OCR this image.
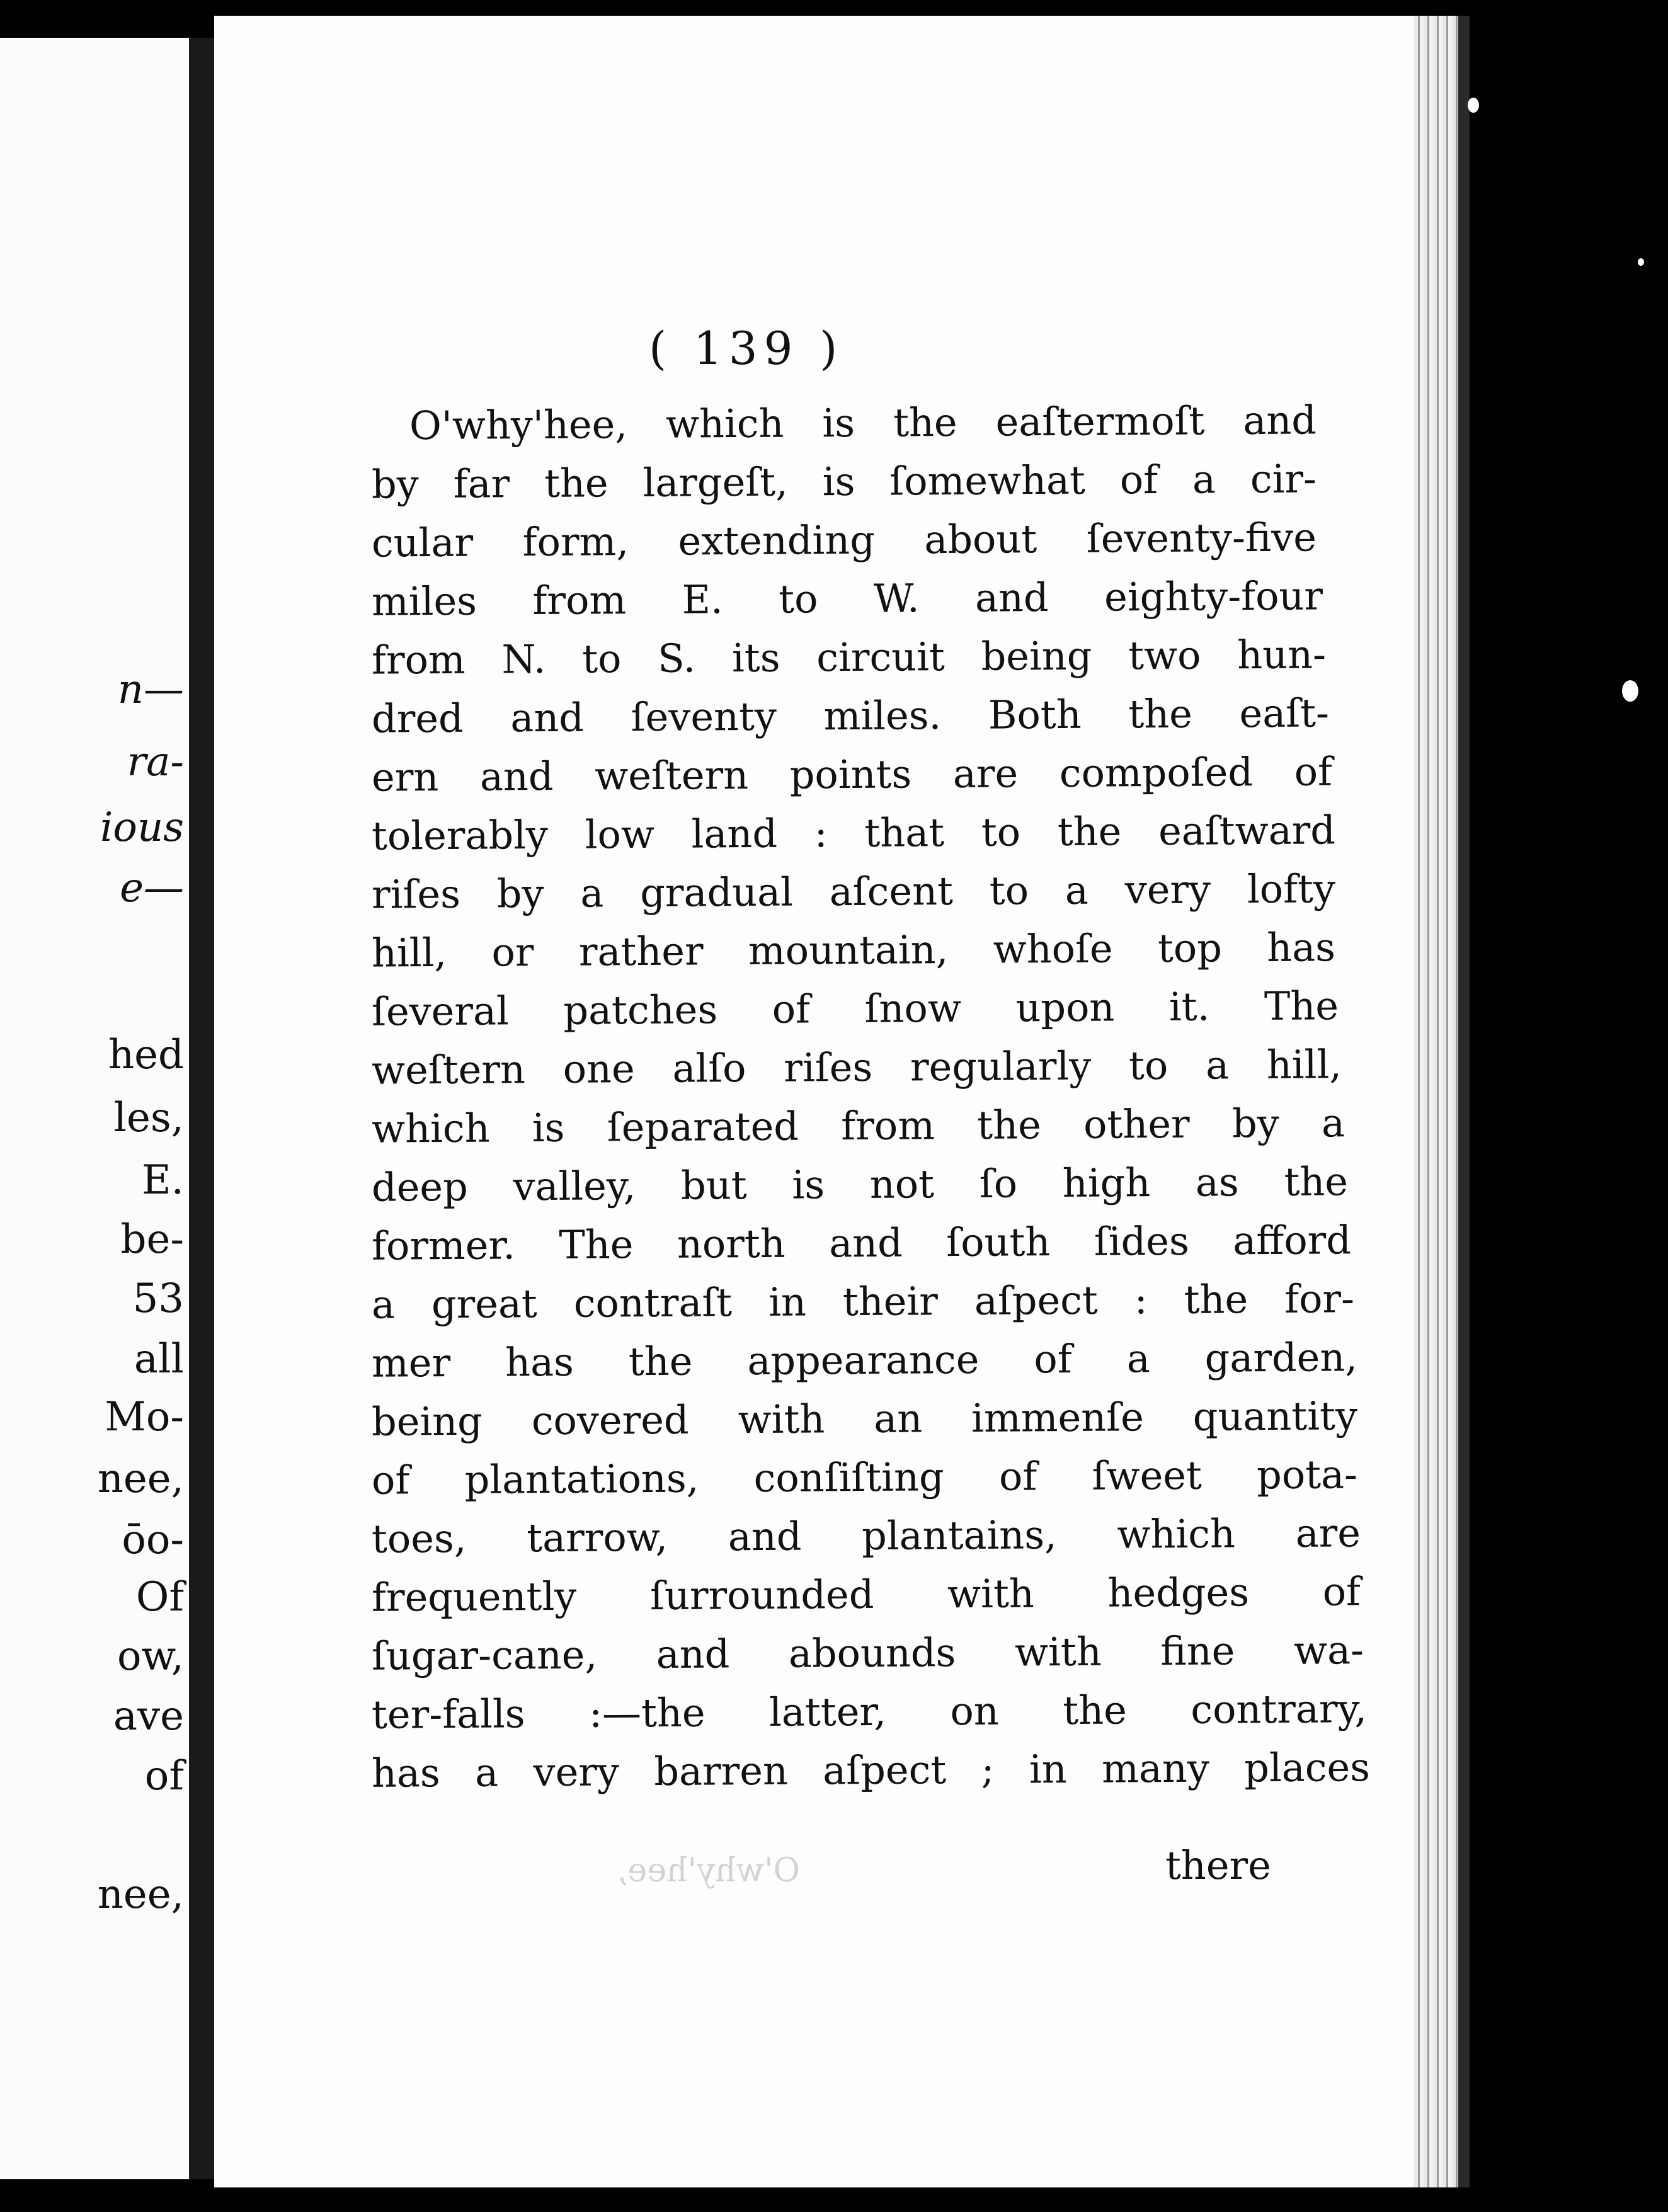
n—
ra-
ious
e—
hed
les,
E.
be-
53
all
Mo-
nee,
ōo-
Of
ow,
ave
of
nee,
( 139 )
O'why'hee, which is the eaſtermoſt and
by far the largeſt, is ſomewhat of a cir-
cular form, extending about ſeventy-five
miles from E. to W. and eighty-four
from N. to S. its circuit being two hun-
dred and ſeventy miles. Both the eaſt-
ern and weſtern points are compoſed of
tolerably low land : that to the eaſtward
riſes by a gradual aſcent to a very lofty
hill, or rather mountain, whoſe top has
ſeveral patches of ſnow upon it. The
weſtern one alſo riſes regularly to a hill,
which is ſeparated from the other by a
deep valley, but is not ſo high as the
former. The north and ſouth ſides afford
a great contraſt in their aſpect : the for-
mer has the appearance of a garden,
being covered with an immenſe quantity
of plantations, conſiſting of ſweet pota-
toes, tarrow, and plantains, which are
frequently ſurrounded with hedges of
ſugar-cane, and abounds with fine wa-
ter-falls :—the latter, on the contrary,
has a very barren aſpect ; in many places
there
O'why'hee,
